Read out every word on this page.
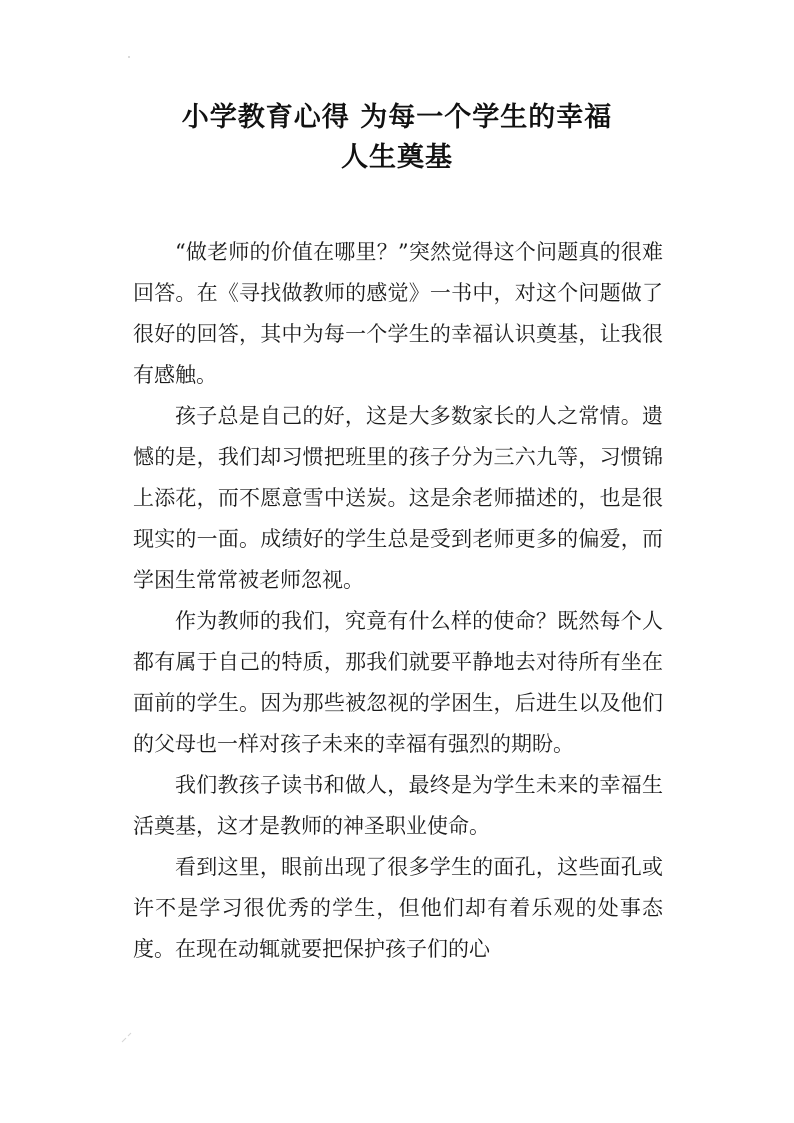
小学教育心得 为每一个学生的幸福
人生奠基

“做老师的价值在哪里？”突然觉得这个问题真的很难回答。在《寻找做教师的感觉》一书中，对这个问题做了很好的回答，其中为每一个学生的幸福认识奠基，让我很有感触。

孩子总是自己的好，这是大多数家长的人之常情。遗憾的是，我们却习惯把班里的孩子分为三六九等，习惯锦上添花，而不愿意雪中送炭。这是余老师描述的，也是很现实的一面。成绩好的学生总是受到老师更多的偏爱，而学困生常常被老师忽视。

作为教师的我们，究竟有什么样的使命？既然每个人都有属于自己的特质，那我们就要平静地去对待所有坐在面前的学生。因为那些被忽视的学困生，后进生以及他们的父母也一样对孩子未来的幸福有强烈的期盼。

我们教孩子读书和做人，最终是为学生未来的幸福生活奠基，这才是教师的神圣职业使命。

看到这里，眼前出现了很多学生的面孔，这些面孔或许不是学习很优秀的学生，但他们却有着乐观的处事态度。在现在动辄就要把保护孩子们的心
